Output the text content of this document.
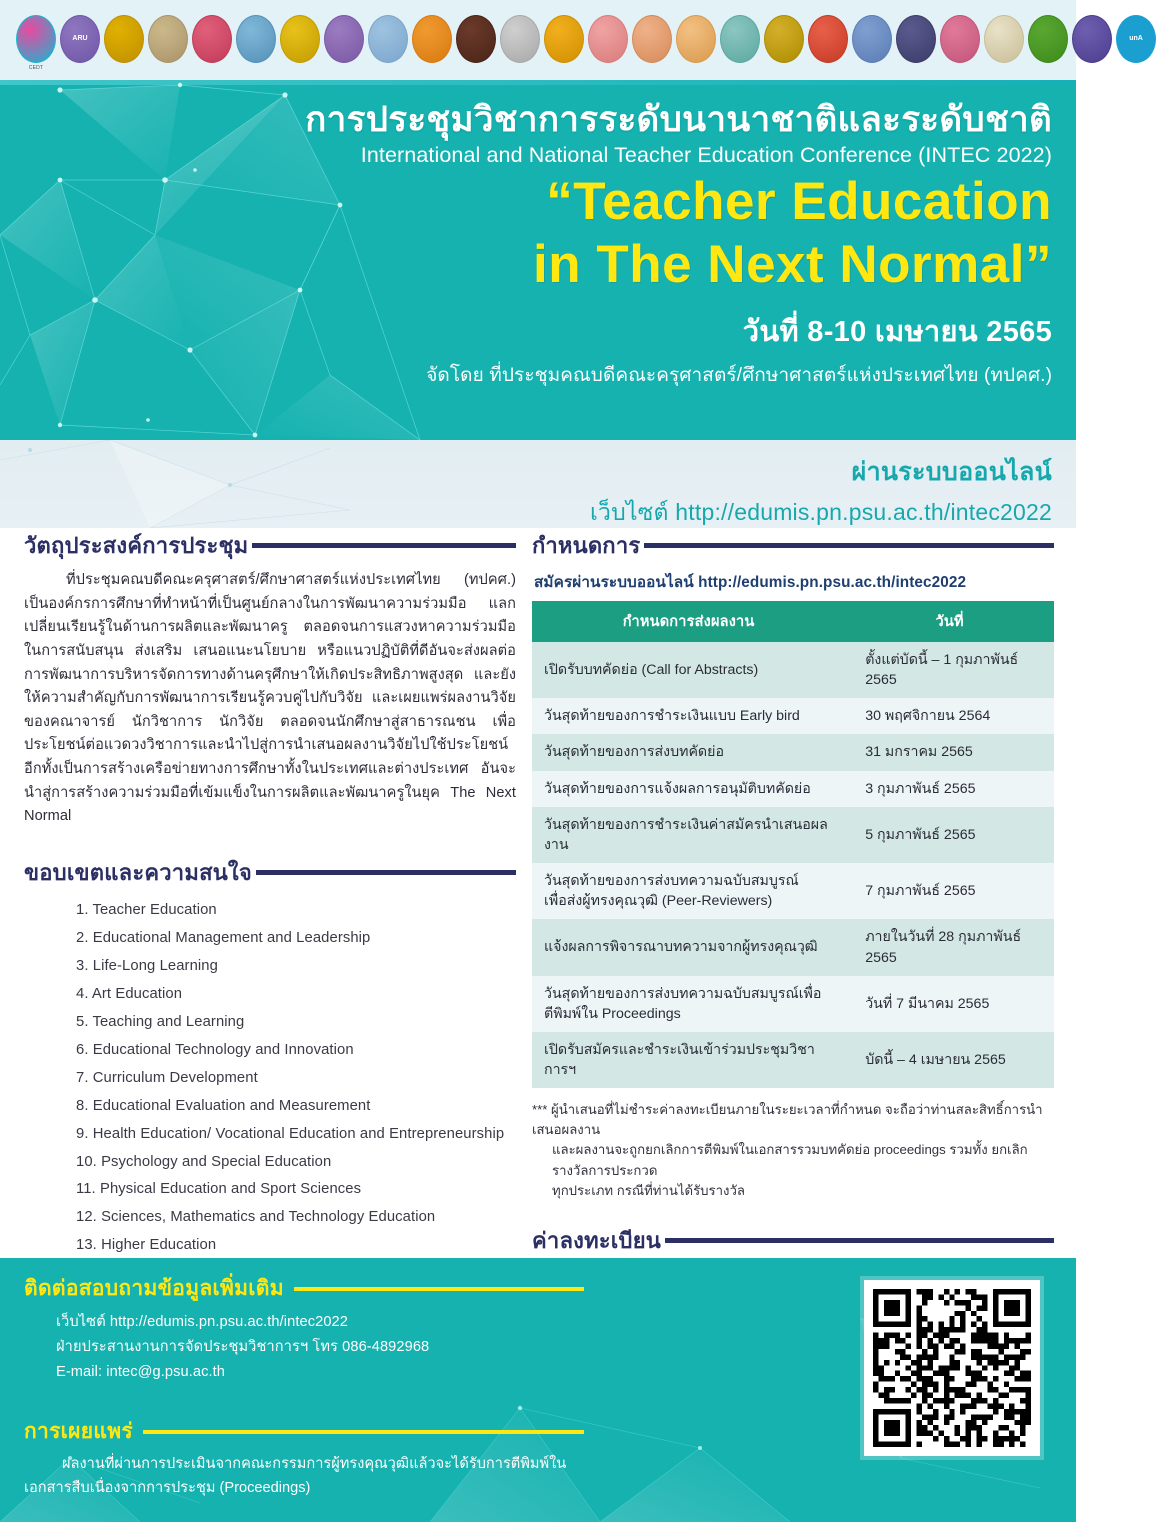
CEDT
ARU	unA
การประชุมวิชาการระดับนานาชาติและระดับชาติ
International and National Teacher Education Conference (INTEC 2022)
“Teacher Education
in The Next Normal”
วันที่ 8-10 เมษายน 2565
จัดโดย ที่ประชุมคณบดีคณะครุศาสตร์/ศึกษาศาสตร์แห่งประเทศไทย (ทปคศ.)
ผ่านระบบออนไลน์
เว็บไซต์ http://edumis.pn.psu.ac.th/intec2022
วัตถุประสงค์การประชุม

ที่ประชุมคณบดีคณะครุศาสตร์/ศึกษาศาสตร์แห่งประเทศไทย (ทปคศ.) เป็นองค์กรการศึกษาที่ทำหน้าที่เป็นศูนย์กลางในการพัฒนาความร่วมมือ แลกเปลี่ยนเรียนรู้ในด้านการผลิตและพัฒนาครู ตลอดจนการแสวงหาความร่วมมือในการสนับสนุน ส่งเสริม เสนอแนะนโยบาย หรือแนวปฏิบัติที่ดีอันจะส่งผลต่อการพัฒนาการบริหารจัดการทางด้านครุศึกษาให้เกิดประสิทธิภาพสูงสุด และยังให้ความสำคัญกับการพัฒนาการเรียนรู้ควบคู่ไปกับวิจัย และเผยแพร่ผลงานวิจัยของคณาจารย์ นักวิชาการ นักวิจัย ตลอดจนนักศึกษาสู่สาธารณชน เพื่อประโยชน์ต่อแวดวงวิชาการและนำไปสู่การนำเสนอผลงานวิจัยไปใช้ประโยชน์ อีกทั้งเป็นการสร้างเครือข่ายทางการศึกษาทั้งในประเทศและต่างประเทศ อันจะนำสู่การสร้างความร่วมมือที่เข้มแข็งในการผลิตและพัฒนาครูในยุค The Next Normal

ขอบเขตและความสนใจ
1. Teacher Education
2. Educational Management and Leadership
3. Life-Long Learning
4. Art Education
5. Teaching and Learning
6. Educational Technology and Innovation
7. Curriculum Development
8. Educational Evaluation and Measurement
9. Health Education/ Vocational Education and Entrepreneurship
10. Psychology and Special Education
11. Physical Education and Sport Sciences
12. Sciences, Mathematics and Technology Education
13. Higher Education
กำหนดการ
สมัครผ่านระบบออนไลน์ http://edumis.pn.psu.ac.th/intec2022
กำหนดการส่งผลงาน	วันที่
เปิดรับบทคัดย่อ (Call for Abstracts)	ตั้งแต่บัดนี้ – 1 กุมภาพันธ์ 2565
วันสุดท้ายของการชำระเงินแบบ Early bird	30 พฤศจิกายน 2564
วันสุดท้ายของการส่งบทคัดย่อ	31 มกราคม 2565
วันสุดท้ายของการแจ้งผลการอนุมัติบทคัดย่อ	3 กุมภาพันธ์ 2565
วันสุดท้ายของการชำระเงินค่าสมัครนำเสนอผลงาน	5 กุมภาพันธ์ 2565
วันสุดท้ายของการส่งบทความฉบับสมบูรณ์
เพื่อส่งผู้ทรงคุณวุฒิ (Peer-Reviewers)	7 กุมภาพันธ์ 2565
แจ้งผลการพิจารณาบทความจากผู้ทรงคุณวุฒิ	ภายในวันที่ 28 กุมภาพันธ์ 2565
วันสุดท้ายของการส่งบทความฉบับสมบูรณ์เพื่อ
ตีพิมพ์ใน Proceedings	วันที่ 7 มีนาคม 2565
เปิดรับสมัครและชำระเงินเข้าร่วมประชุมวิชาการฯ	บัดนี้ – 4 เมษายน 2565
*** ผู้นำเสนอที่ไม่ชำระค่าลงทะเบียนภายในระยะเวลาที่กำหนด จะถือว่าท่านสละสิทธิ์การนำเสนอผลงาน
และผลงานจะถูกยกเลิกการตีพิมพ์ในเอกสารรวมบทคัดย่อ proceedings รวมทั้ง ยกเลิกรางวัลการประกวด
ทุกประเภท กรณีที่ท่านได้รับรางวัล
ค่าลงทะเบียน

ติดต่อสอบถามข้อมูลเพิ่มเติม
เว็บไซต์ http://edumis.pn.psu.ac.th/intec2022
ฝ่ายประสานงานการจัดประชุมวิชาการฯ โทร 086-4892968
E-mail: intec@g.psu.ac.th
การเผยแพร่
ผลงานที่ผ่านการประเมินจากคณะกรรมการผู้ทรงคุณวุฒิแล้วจะได้รับการตีพิมพ์ในเอกสารสืบเนื่องจากการประชุม (Proceedings)
